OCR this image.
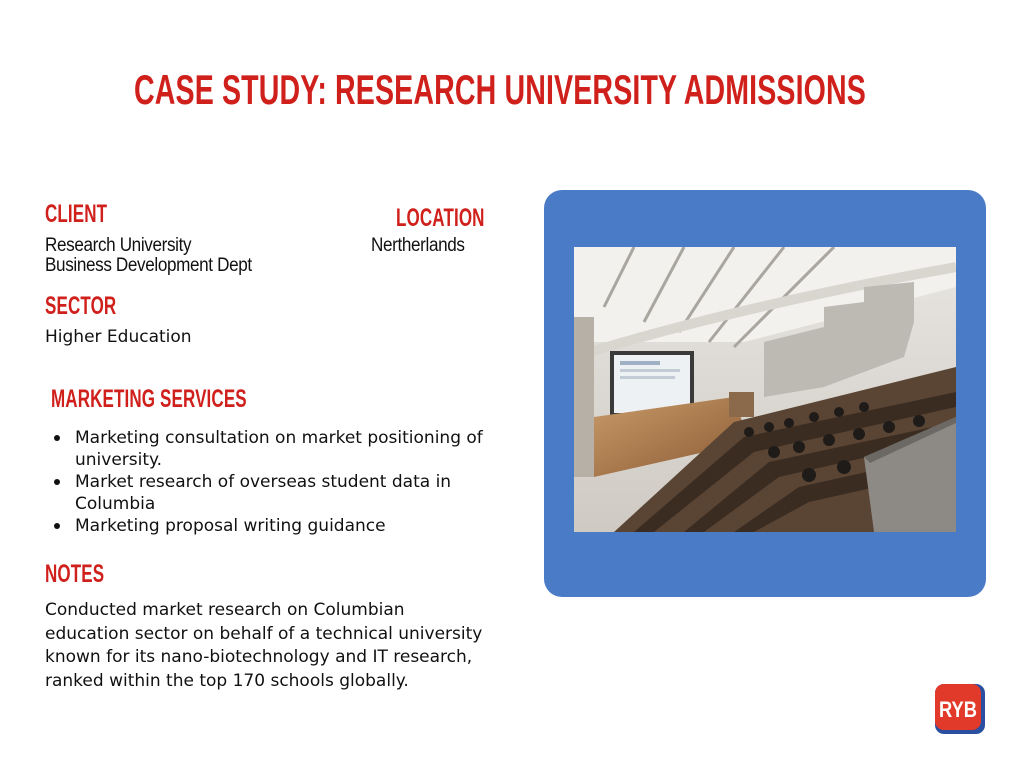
CASE STUDY: RESEARCH UNIVERSITY ADMISSIONS
CLIENT
Research University
Business Development Dept
LOCATION
Nertherlands
SECTOR
Higher Education
MARKETING SERVICES
Marketing consultation on market positioning of university.
Market research of overseas student data in Columbia
Marketing proposal writing guidance
NOTES
Conducted market research on Columbian education sector on behalf of a technical university known for its nano-biotechnology and IT research, ranked within the top 170 schools globally.
RYB
